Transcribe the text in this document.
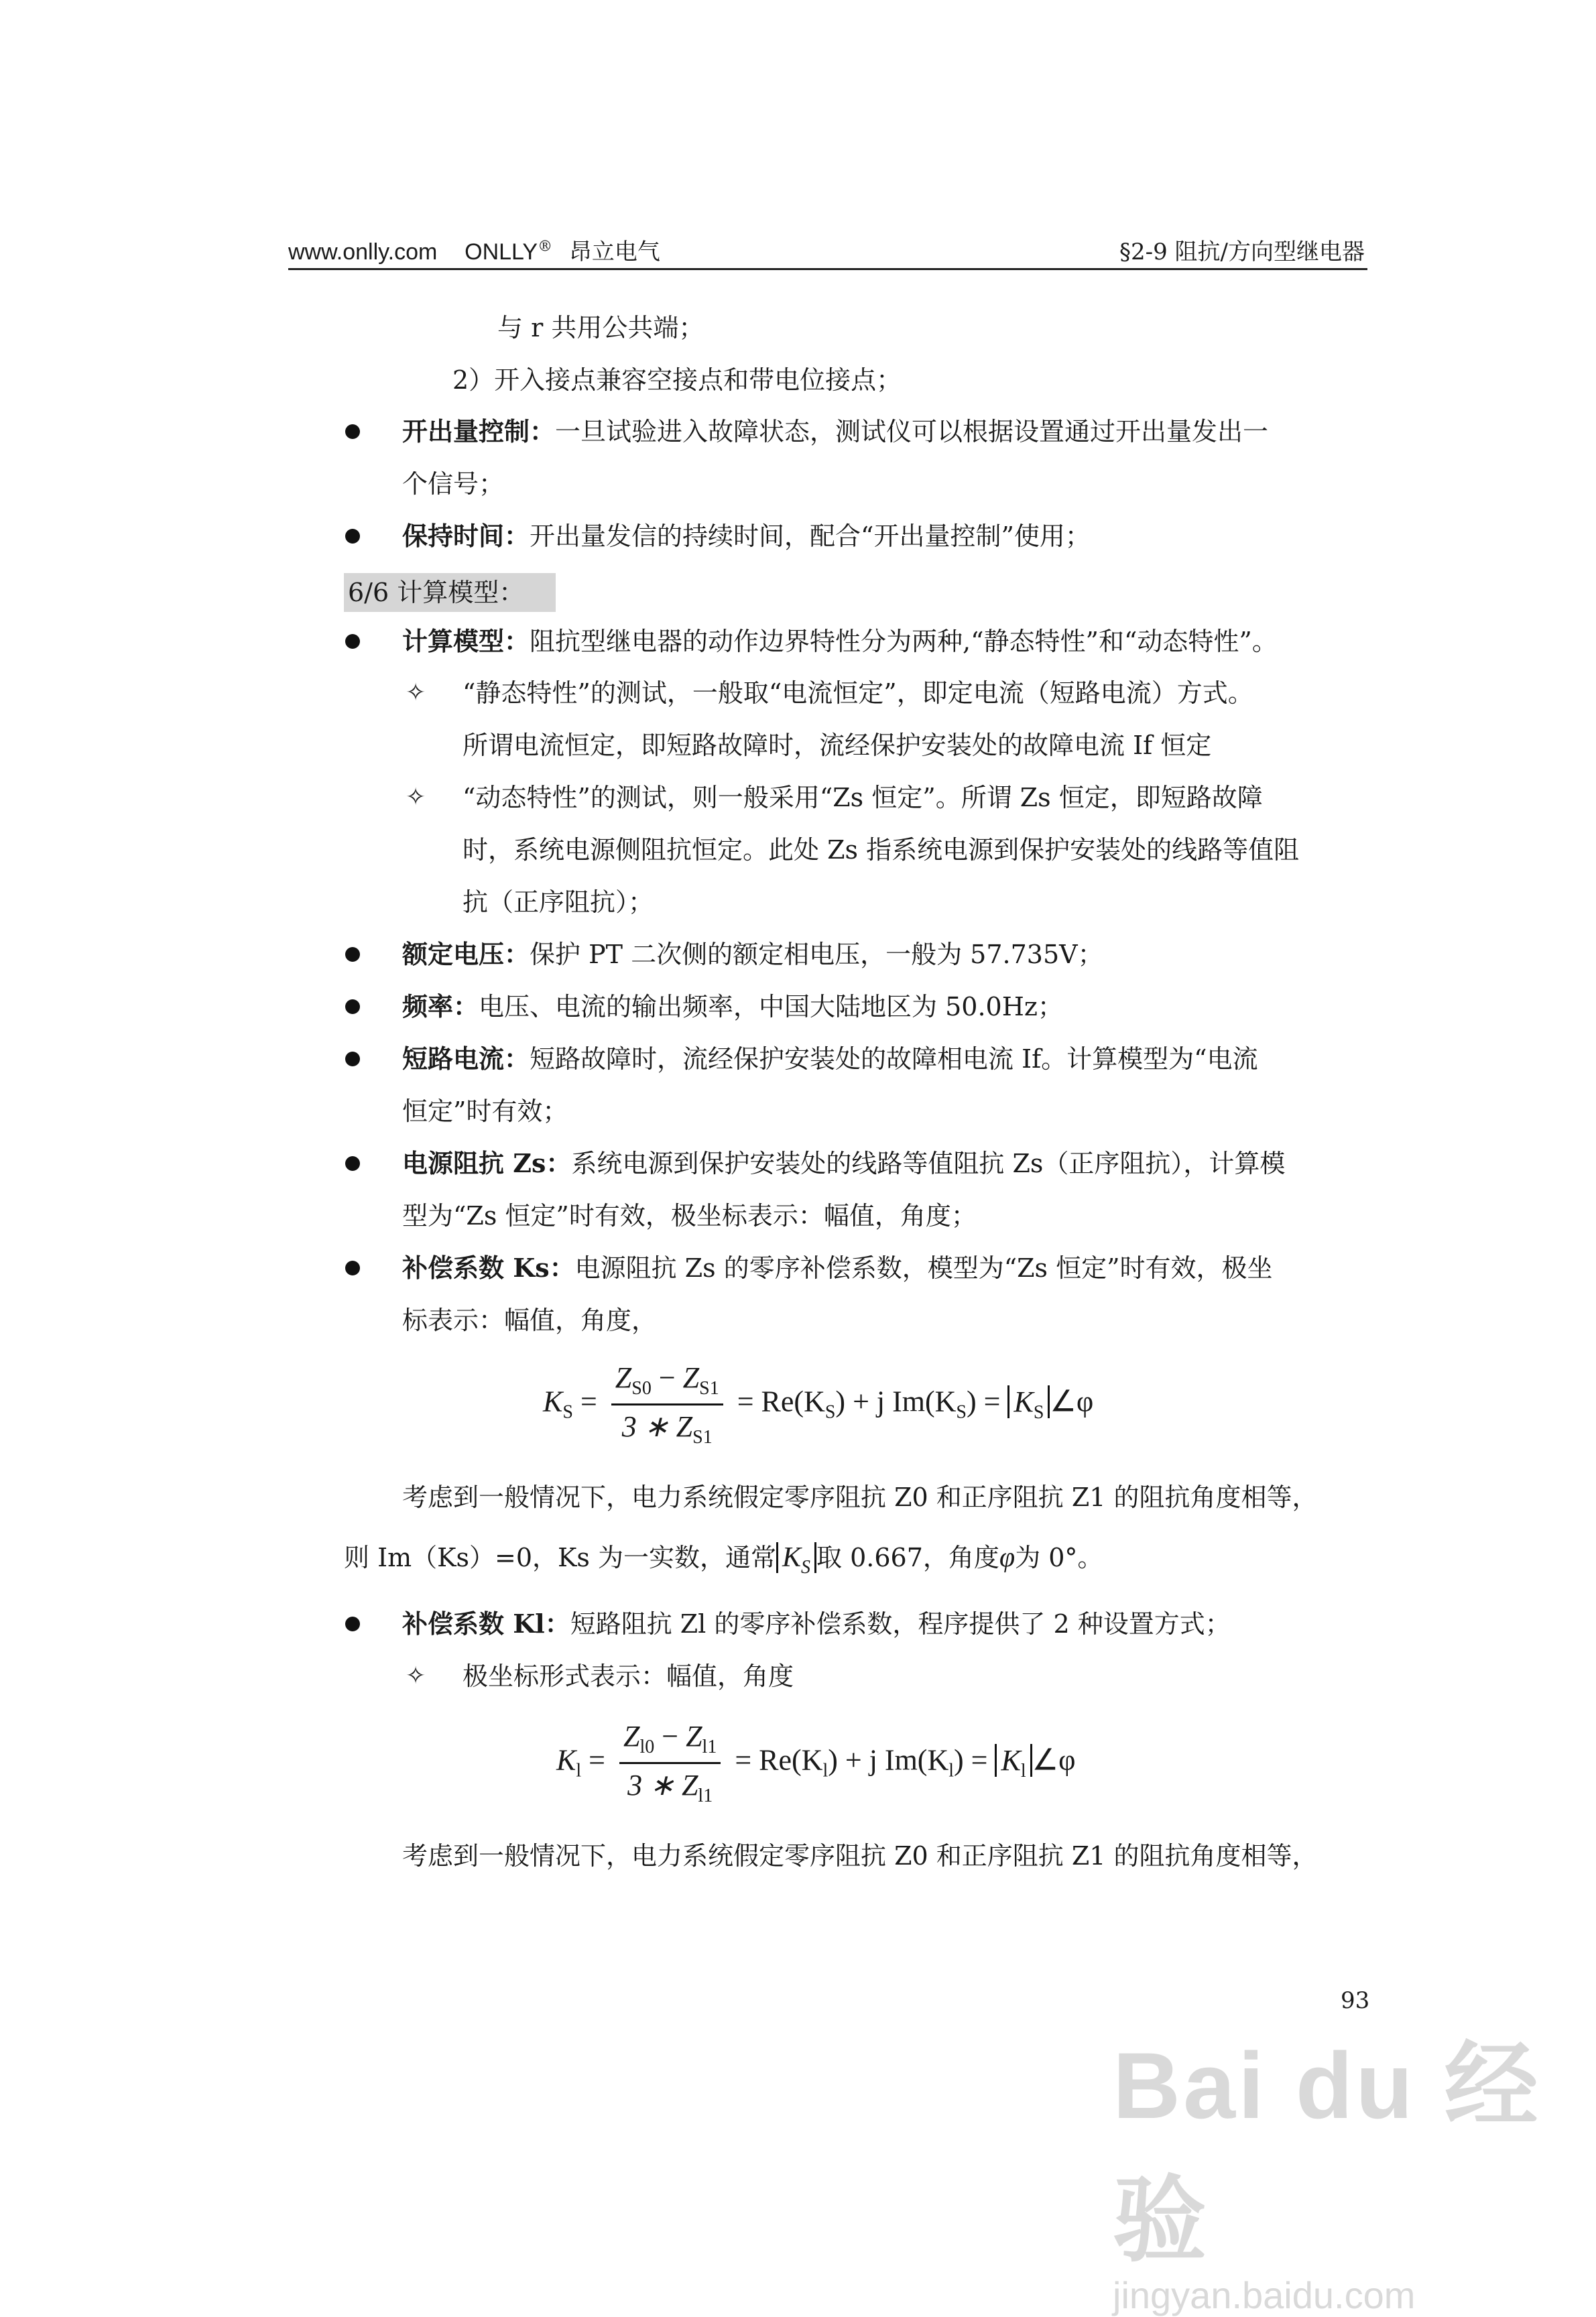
www.onlly.com ONLLY® 昂立电气	§2-9 阻抗/方向型继电器
与 r 共用公共端；
2）开入接点兼容空接点和带电位接点；
开出量控制：一旦试验进入故障状态，测试仪可以根据设置通过开出量发出一
个信号；
保持时间：开出量发信的持续时间，配合“开出量控制”使用；
6/6 计算模型：
计算模型：阻抗型继电器的动作边界特性分为两种,“静态特性”和“动态特性”。
✧ “静态特性”的测试，一般取“电流恒定”，即定电流（短路电流）方式。
所谓电流恒定，即短路故障时，流经保护安装处的故障电流 If 恒定
✧ “动态特性”的测试，则一般采用“Zs 恒定”。所谓 Zs 恒定，即短路故障
时，系统电源侧阻抗恒定。此处 Zs 指系统电源到保护安装处的线路等值阻
抗（正序阻抗）；
额定电压：保护 PT 二次侧的额定相电压，一般为 57.735V；
频率：电压、电流的输出频率，中国大陆地区为 50.0Hz；
短路电流：短路故障时，流经保护安装处的故障相电流 If。计算模型为“电流
恒定”时有效；
电源阻抗 Zs：系统电源到保护安装处的线路等值阻抗 Zs（正序阻抗），计算模
型为“Zs 恒定”时有效，极坐标表示：幅值，角度；
补偿系数 Ks：电源阻抗 Zs 的零序补偿系数，模型为“Zs 恒定”时有效，极坐
标表示：幅值，角度，
$K_S = \frac{Z_{S0} - Z_{S1}}{3 ∗ Z_{S1}} = Re(K_S) + j$ $Im(K_S) = K_S$ ∠φ
考虑到一般情况下，电力系统假定零序阻抗 Z0 和正序阻抗 Z1 的阻抗角度相等，
则 Im（Ks）=0，Ks 为一实数，通常 $K_S$ 取 0.667，角度φ为 0°。
补偿系数 Kl：短路阻抗 Zl 的零序补偿系数，程序提供了 2 种设置方式；
✧ 极坐标形式表示：幅值，角度
$K_l = \frac{Z_{l0} - Z_{l1}}{3 ∗ Z_{l1}} = Re(K_l) + j$ $Im(K_l) = K_l$ ∠φ
考虑到一般情况下，电力系统假定零序阻抗 Z0 和正序阻抗 Z1 的阻抗角度相等，
93
Bai du 经验
jingyan.baidu.com
